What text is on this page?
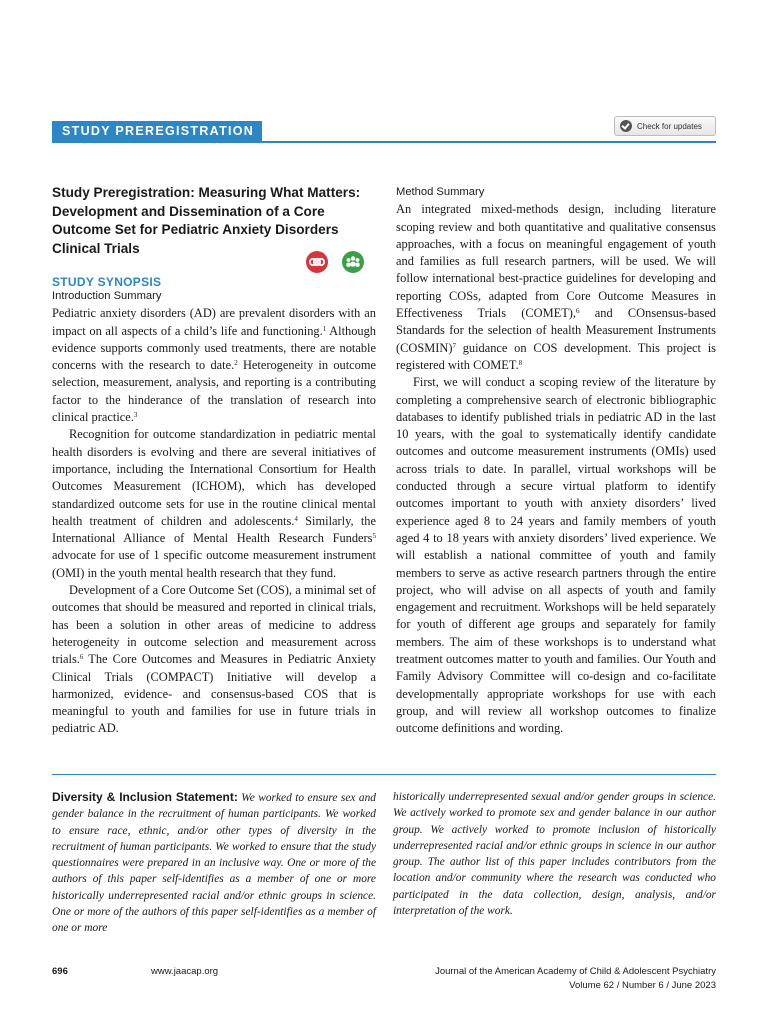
STUDY PREREGISTRATION	Check for updates
Study Preregistration: Measuring What Matters: Development and Dissemination of a Core Outcome Set for Pediatric Anxiety Disorders Clinical Trials
STUDY SYNOPSIS
Introduction Summary

Pediatric anxiety disorders (AD) are prevalent disorders with an impact on all aspects of a child’s life and functioning.$^1$ Although evidence supports commonly used treatments, there are notable concerns with the research to date.$^2$ Heterogeneity in outcome selection, measurement, analysis, and reporting is a contributing factor to the hinderance of the translation of research into clinical practice.$^3$

Recognition for outcome standardization in pediatric mental health disorders is evolving and there are several initiatives of importance, including the International Consortium for Health Outcomes Measurement (ICHOM), which has developed standardized outcome sets for use in the routine clinical mental health treatment of children and adolescents.$^4$ Similarly, the International Alliance of Mental Health Research Funders$^5$ advocate for use of 1 specific outcome measurement instrument (OMI) in the youth mental health research that they fund.

Development of a Core Outcome Set (COS), a minimal set of outcomes that should be measured and reported in clinical trials, has been a solution in other areas of medicine to address heterogeneity in outcome selection and measurement across trials.$^6$ The Core Outcomes and Measures in Pediatric Anxiety Clinical Trials (COMPACT) Initiative will develop a harmonized, evidence- and consensus-based COS that is meaningful to youth and families for use in future trials in pediatric AD.

Method Summary

An integrated mixed-methods design, including literature scoping review and both quantitative and qualitative consensus approaches, with a focus on meaningful engagement of youth and families as full research partners, will be used. We will follow international best-practice guidelines for developing and reporting COSs, adapted from Core Outcome Measures in Effectiveness Trials (COMET),$^6$ and COnsensus-based Standards for the selection of health Measurement Instruments (COSMIN)$^7$ guidance on COS development. This project is registered with COMET.$^8$

First, we will conduct a scoping review of the literature by completing a comprehensive search of electronic bibliographic databases to identify published trials in pediatric AD in the last 10 years, with the goal to systematically identify candidate outcomes and outcome measurement instruments (OMIs) used across trials to date. In parallel, virtual workshops will be conducted through a secure virtual platform to identify outcomes important to youth with anxiety disorders’ lived experience aged 8 to 24 years and family members of youth aged 4 to 18 years with anxiety disorders’ lived experience. We will establish a national committee of youth and family members to serve as active research partners through the entire project, who will advise on all aspects of youth and family engagement and recruitment. Workshops will be held separately for youth of different age groups and separately for family members. The aim of these workshops is to understand what treatment outcomes matter to youth and families. Our Youth and Family Advisory Committee will co-design and co-facilitate developmentally appropriate workshops for use with each group, and will review all workshop outcomes to finalize outcome definitions and wording.

Diversity & Inclusion Statement: We worked to ensure sex and gender balance in the recruitment of human participants. We worked to ensure race, ethnic, and/or other types of diversity in the recruitment of human participants. We worked to ensure that the study questionnaires were prepared in an inclusive way. One or more of the authors of this paper self-identifies as a member of one or more historically underrepresented racial and/or ethnic groups in science. One or more of the authors of this paper self-identifies as a member of one or more
historically underrepresented sexual and/or gender groups in science. We actively worked to promote sex and gender balance in our author group. We actively worked to promote inclusion of historically underrepresented racial and/or ethnic groups in science in our author group. The author list of this paper includes contributors from the location and/or community where the research was conducted who participated in the data collection, design, analysis, and/or interpretation of the work.
696	www.jaacap.org	Journal of the American Academy of Child & Adolescent Psychiatry
Volume 62 / Number 6 / June 2023
